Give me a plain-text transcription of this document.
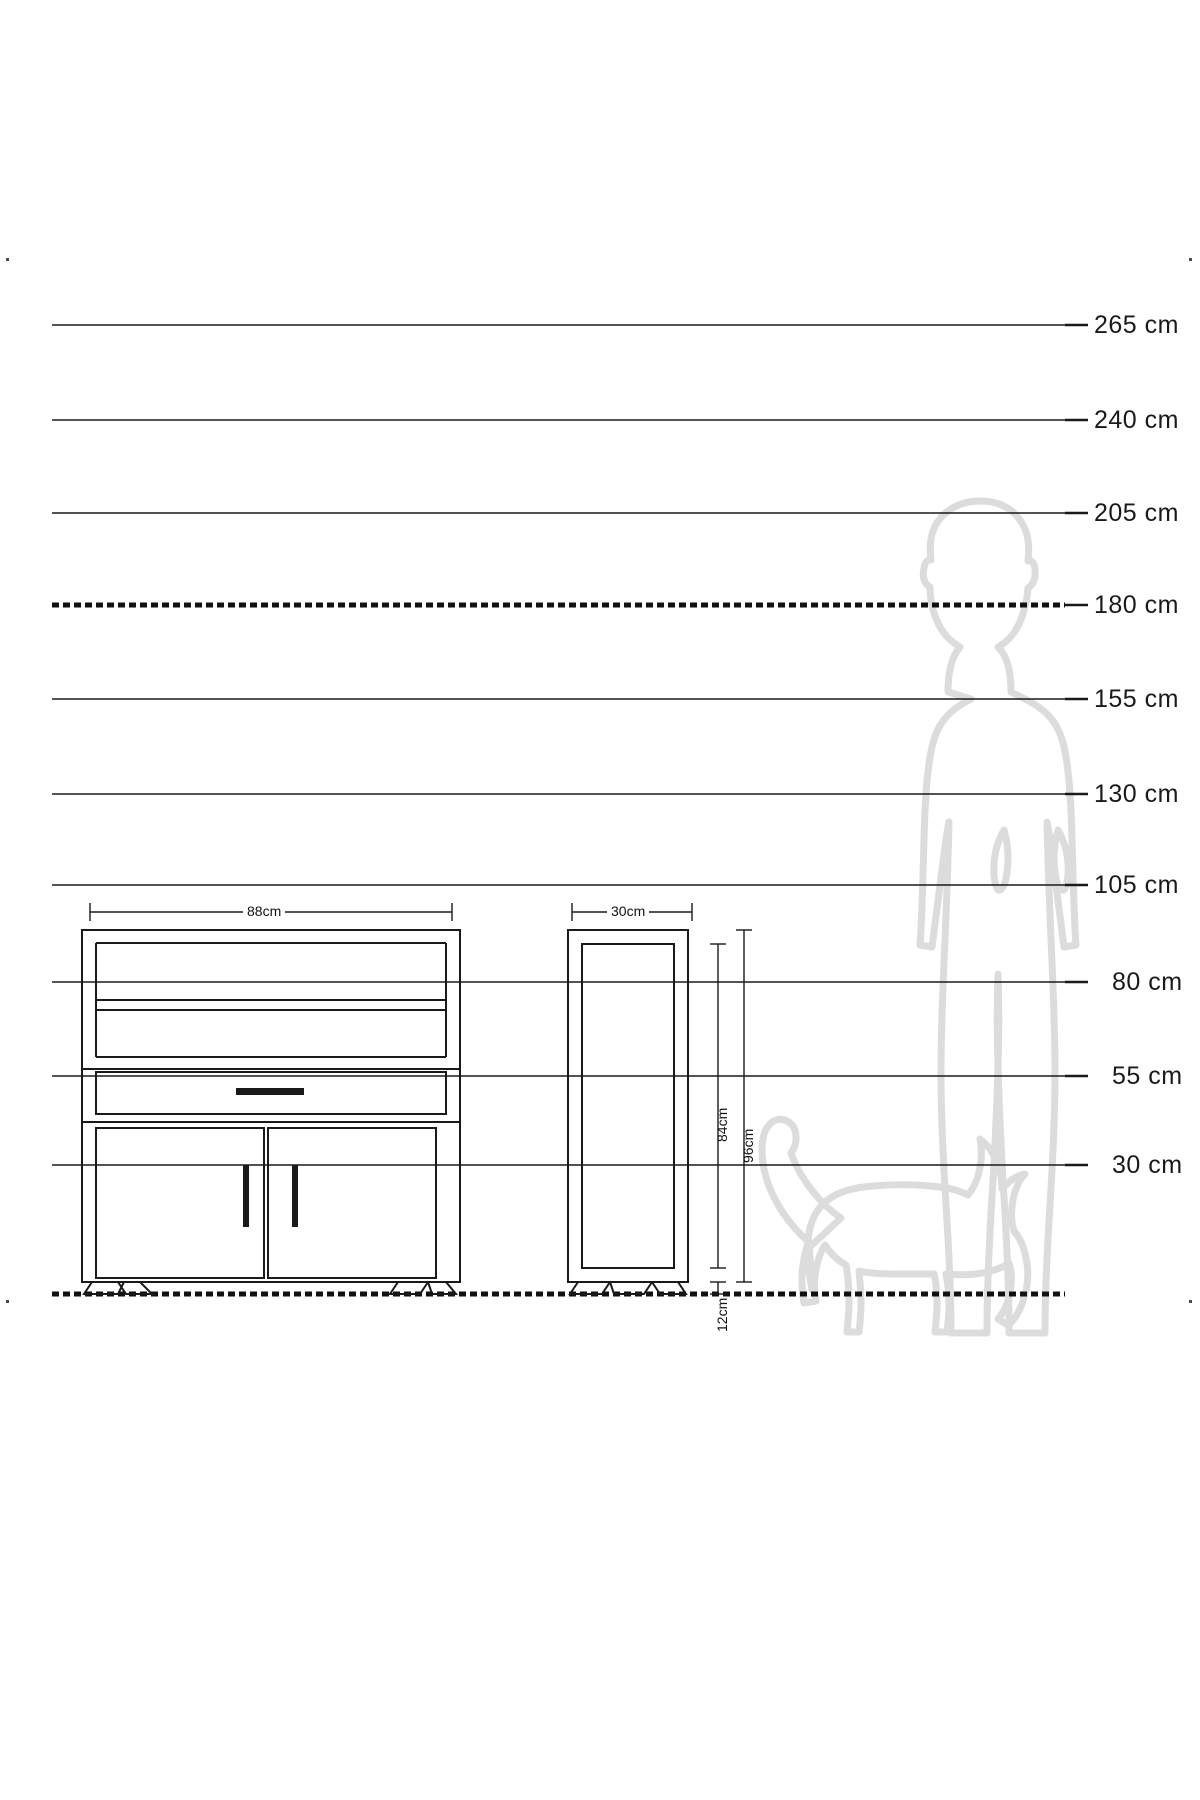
265 cm
240 cm
205 cm
180 cm
155 cm
130 cm
105 cm
80 cm
55 cm
30 cm
88cm	30cm
84cm
96cm
12cm
